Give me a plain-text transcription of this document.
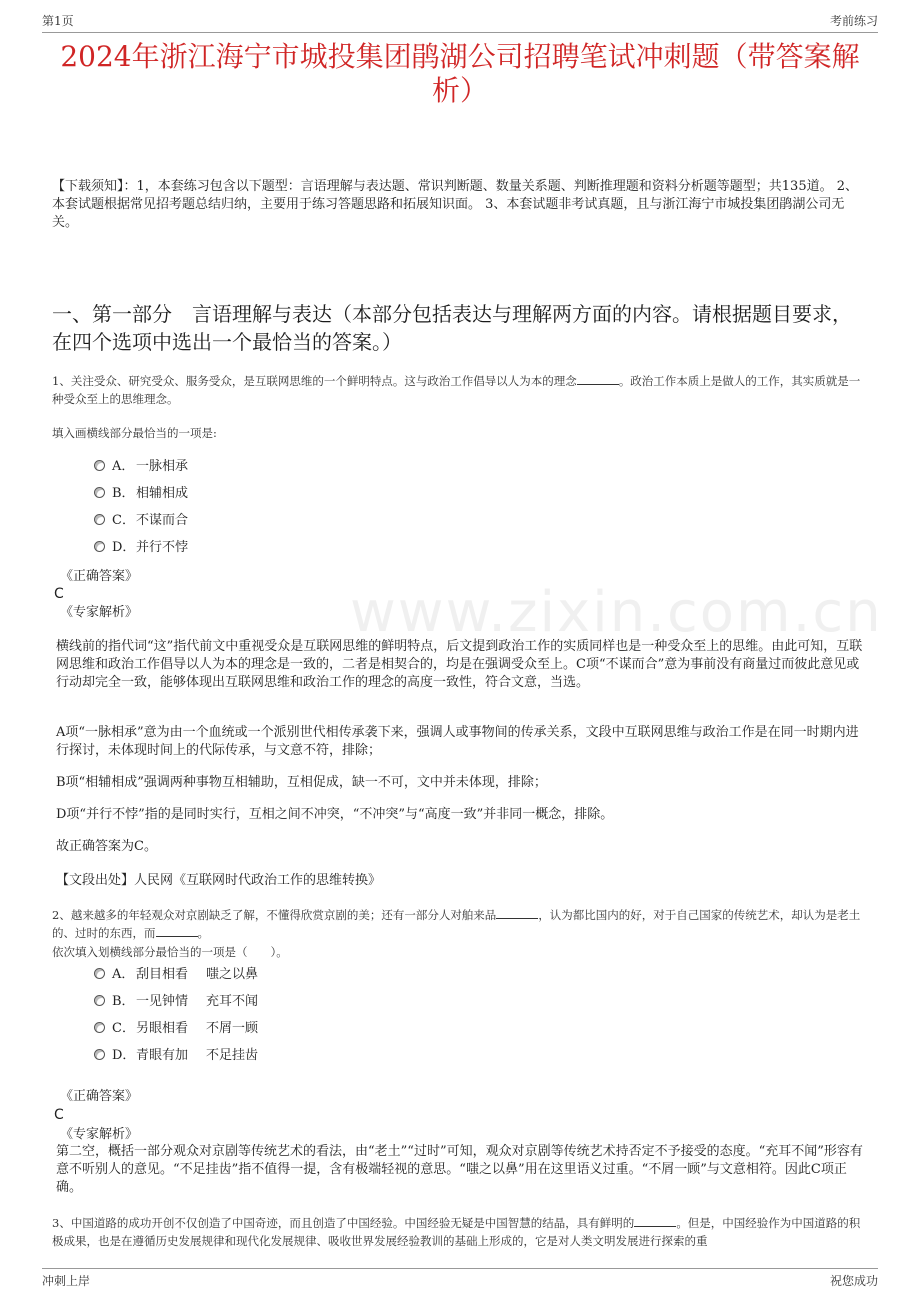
第1页	考前练习
www.zixin.com.cn
2024年浙江海宁市城投集团鹃湖公司招聘笔试冲刺题（带答案解析）
【下载须知】：1，本套练习包含以下题型：言语理解与表达题、常识判断题、数量关系题、判断推理题和资料分析题等题型；共135道。 2、本套试题根据常见招考题总结归纳，主要用于练习答题思路和拓展知识面。 3、本套试题非考试真题，且与浙江海宁市城投集团鹃湖公司无关。
一、第一部分　言语理解与表达（本部分包括表达与理解两方面的内容。请根据题目要求，在四个选项中选出一个最恰当的答案。）
1、关注受众、研究受众、服务受众，是互联网思维的一个鲜明特点。这与政治工作倡导以人为本的理念	。政治工作本质上是做人的工作，其实质就是一种受众至上的思维理念。
填入画横线部分最恰当的一项是:
A． 一脉相承
B．相辅相成
C．不谋而合
D．并行不悖
《正确答案》
C
《专家解析》
横线前的指代词“这”指代前文中重视受众是互联网思维的鲜明特点，后文提到政治工作的实质同样也是一种受众至上的思维。由此可知，互联网思维和政治工作倡导以人为本的理念是一致的，二者是相契合的，均是在强调受众至上。C项“不谋而合”意为事前没有商量过而彼此意见或行动却完全一致，能够体现出互联网思维和政治工作的理念的高度一致性，符合文意，当选。
A项“一脉相承”意为由一个血统或一个派别世代相传承袭下来，强调人或事物间的传承关系，文段中互联网思维与政治工作是在同一时期内进行探讨，未体现时间上的代际传承，与文意不符，排除；
B项“相辅相成”强调两种事物互相辅助，互相促成，缺一不可，文中并未体现，排除；
D项“并行不悖”指的是同时实行，互相之间不冲突，“不冲突”与“高度一致”并非同一概念，排除。
故正确答案为C。
【文段出处】人民网《互联网时代政治工作的思维转换》
2、越来越多的年轻观众对京剧缺乏了解，不懂得欣赏京剧的美；还有一部分人对舶来品	，认为都比国内的好，对于自己国家的传统艺术，却认为是老土的、过时的东西，而	。
依次填入划横线部分最恰当的一项是（　　）。
A． 刮目相看 嗤之以鼻
B．一见钟情 充耳不闻
C．另眼相看 不屑一顾
D．青眼有加 不足挂齿
《正确答案》
C
《专家解析》
第二空，概括一部分观众对京剧等传统艺术的看法，由“老土”“过时”可知，观众对京剧等传统艺术持否定不予接受的态度。“充耳不闻”形容有意不听别人的意见。“不足挂齿”指不值得一提，含有极端轻视的意思。“嗤之以鼻”用在这里语义过重。“不屑一顾”与文意相符。因此C项正确。
3、中国道路的成功开创不仅创造了中国奇迹，而且创造了中国经验。中国经验无疑是中国智慧的结晶，具有鲜明的	。但是，中国经验作为中国道路的积极成果，也是在遵循历史发展规律和现代化发展规律、吸收世界发展经验教训的基础上形成的，它是对人类文明发展进行探索的重
冲刺上岸	祝您成功
